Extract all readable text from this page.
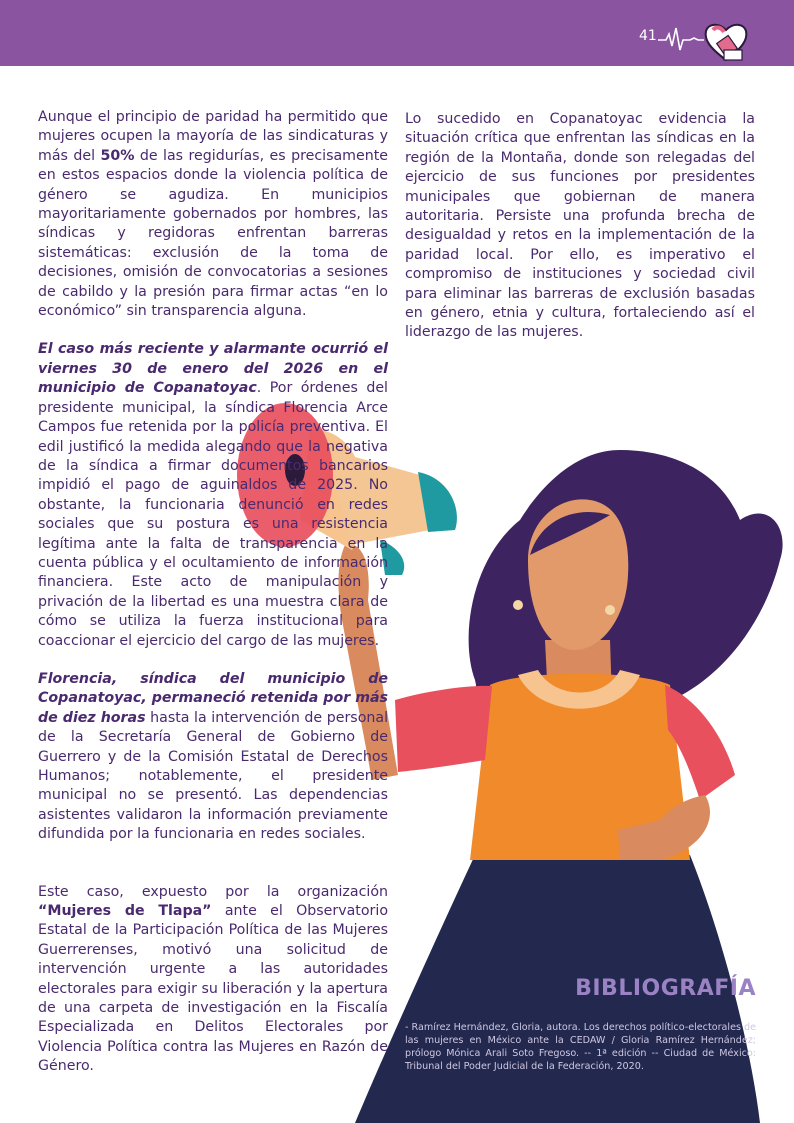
41

Aunque el principio de paridad ha permitido que mujeres ocupen la mayoría de las sindicaturas y más del 50% de las regidurías, es precisamente en estos espacios donde la violencia política de género se agudiza. En municipios mayoritariamente gobernados por hombres, las síndicas y regidoras enfrentan barreras sistemáticas: exclusión de la toma de decisiones, omisión de convocatorias a sesiones de cabildo y la presión para firmar actas “en lo económico” sin transparencia alguna.

El caso más reciente y alarmante ocurrió el viernes 30 de enero del 2026 en el municipio de Copanatoyac. Por órdenes del presidente municipal, la síndica Florencia Arce Campos fue retenida por la policía preventiva. El edil justificó la medida alegando que la negativa de la síndica a firmar documentos bancarios impidió el pago de aguinaldos de 2025. No obstante, la funcionaria denunció en redes sociales que su postura es una resistencia legítima ante la falta de transparencia en la cuenta pública y el ocultamiento de información financiera. Este acto de manipulación y privación de la libertad es una muestra clara de cómo se utiliza la fuerza institucional para coaccionar el ejercicio del cargo de las mujeres.

Florencia, síndica del municipio de Copanatoyac, permaneció retenida por más de diez horas hasta la intervención de personal de la Secretaría General de Gobierno de Guerrero y de la Comisión Estatal de Derechos Humanos; notablemente, el presidente municipal no se presentó. Las dependencias asistentes validaron la información previamente difundida por la funcionaria en redes sociales.

Este caso, expuesto por la organización “Mujeres de Tlapa” ante el Observatorio Estatal de la Participación Política de las Mujeres Guerrerenses, motivó una solicitud de intervención urgente a las autoridades electorales para exigir su liberación y la apertura de una carpeta de investigación en la Fiscalía Especializada en Delitos Electorales por Violencia Política contra las Mujeres en Razón de Género.

Lo sucedido en Copanatoyac evidencia la situación crítica que enfrentan las síndicas en la región de la Montaña, donde son relegadas del ejercicio de sus funciones por presidentes municipales que gobiernan de manera autoritaria. Persiste una profunda brecha de desigualdad y retos en la implementación de la paridad local. Por ello, es imperativo el compromiso de instituciones y sociedad civil para eliminar las barreras de exclusión basadas en género, etnia y cultura, fortaleciendo así el liderazgo de las mujeres.

BIBLIOGRAFÍA
- Ramírez Hernández, Gloria, autora. Los derechos político-electorales de las mujeres en México ante la CEDAW / Gloria Ramírez Hernández; prólogo Mónica Arali Soto Fregoso. -- 1ª edición -- Ciudad de México: Tribunal del Poder Judicial de la Federación, 2020.
